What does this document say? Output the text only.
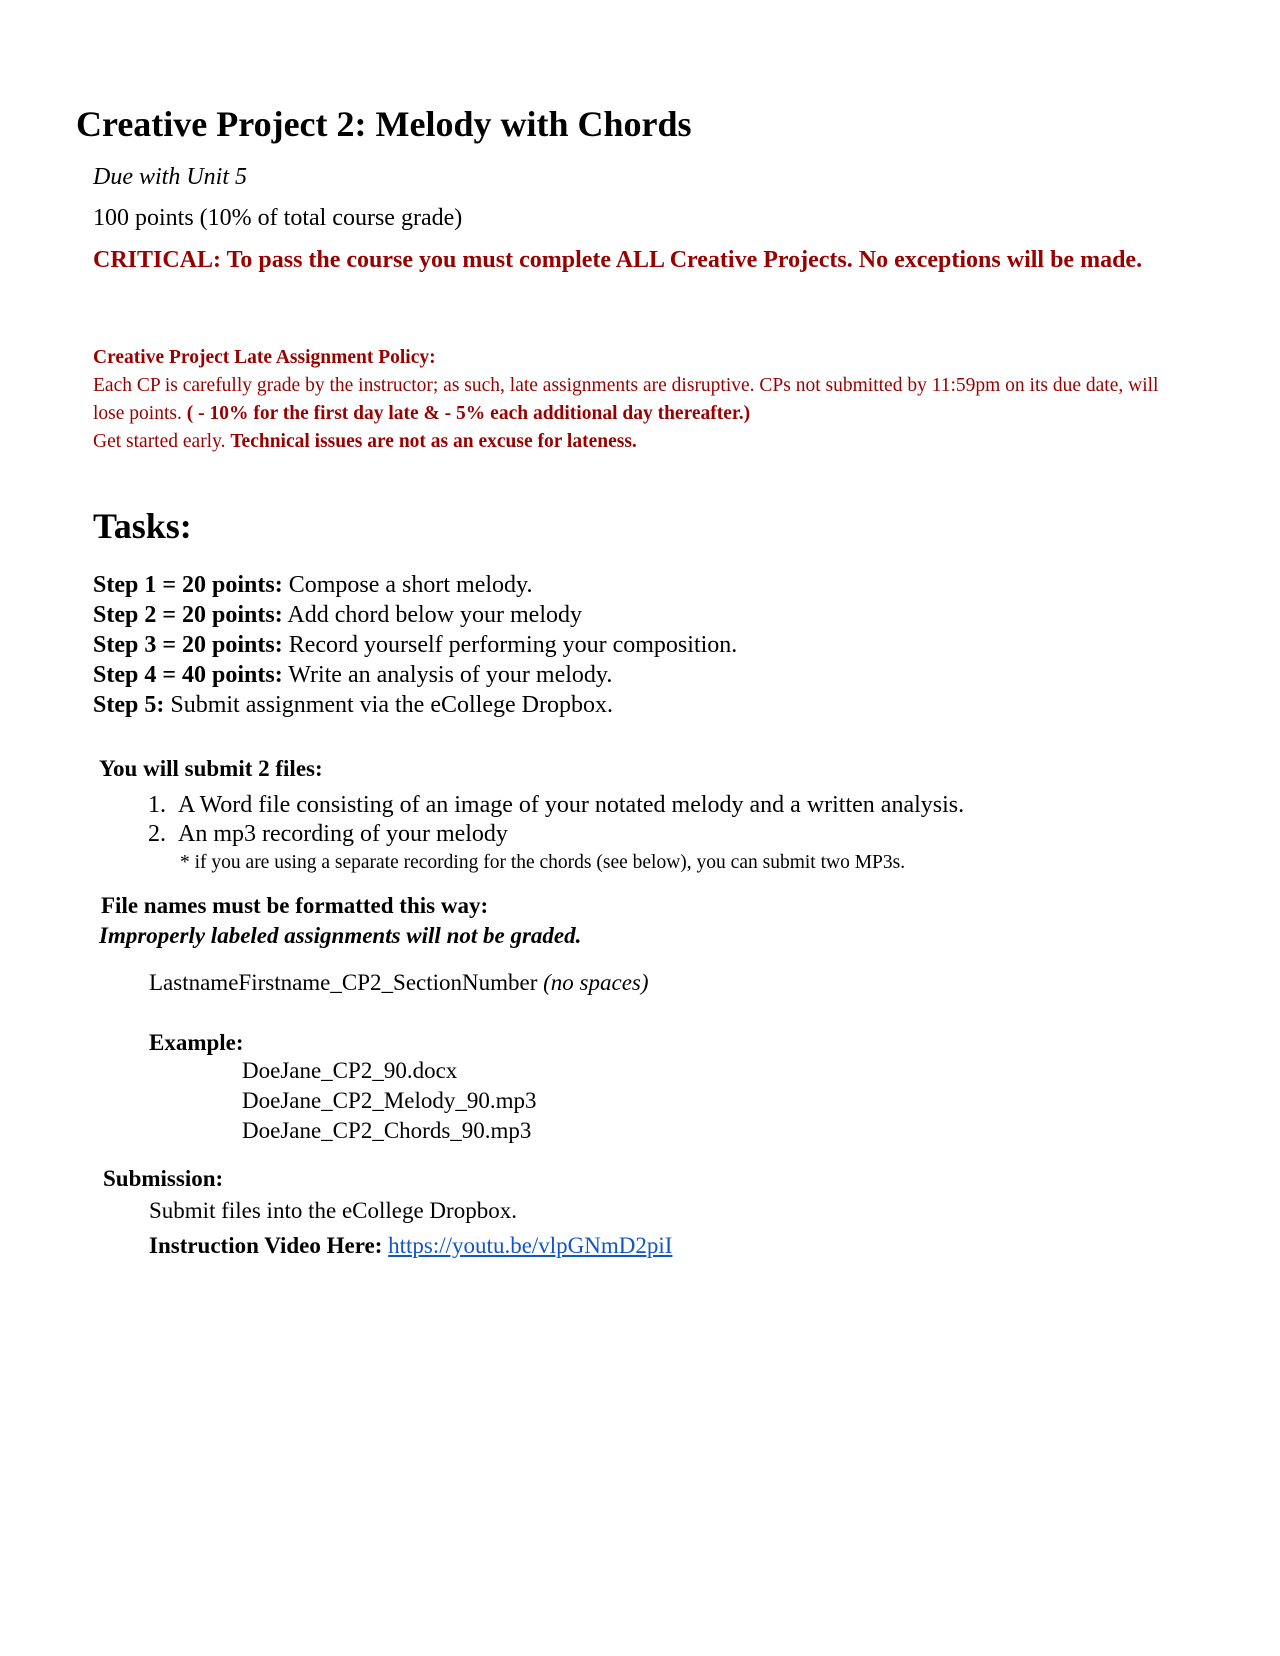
Creative Project 2: Melody with Chords
Due with Unit 5
100 points (10% of total course grade)
CRITICAL: To pass the course you must complete ALL Creative Projects. No exceptions will be made.
Creative Project Late Assignment Policy:
Each CP is carefully grade by the instructor; as such, late assignments are disruptive. CPs not submitted by 11:59pm on its due date, will lose points. ( - 10% for the first day late & - 5% each additional day thereafter.)
Get started early. Technical issues are not as an excuse for lateness.
Tasks:
Step 1 = 20 points: Compose a short melody.
Step 2 = 20 points: Add chord below your melody
Step 3 = 20 points: Record yourself performing your composition.
Step 4 = 40 points: Write an analysis of your melody.
Step 5: Submit assignment via the eCollege Dropbox.
You will submit 2 files:
1. A Word file consisting of an image of your notated melody and a written analysis.
2. An mp3 recording of your melody
* if you are using a separate recording for the chords (see below), you can submit two MP3s.
File names must be formatted this way:
Improperly labeled assignments will not be graded.
LastnameFirstname_CP2_SectionNumber (no spaces)
Example:
DoeJane_CP2_90.docx
DoeJane_CP2_Melody_90.mp3
DoeJane_CP2_Chords_90.mp3
Submission:
Submit files into the eCollege Dropbox.
Instruction Video Here: https://youtu.be/vlpGNmD2piI
